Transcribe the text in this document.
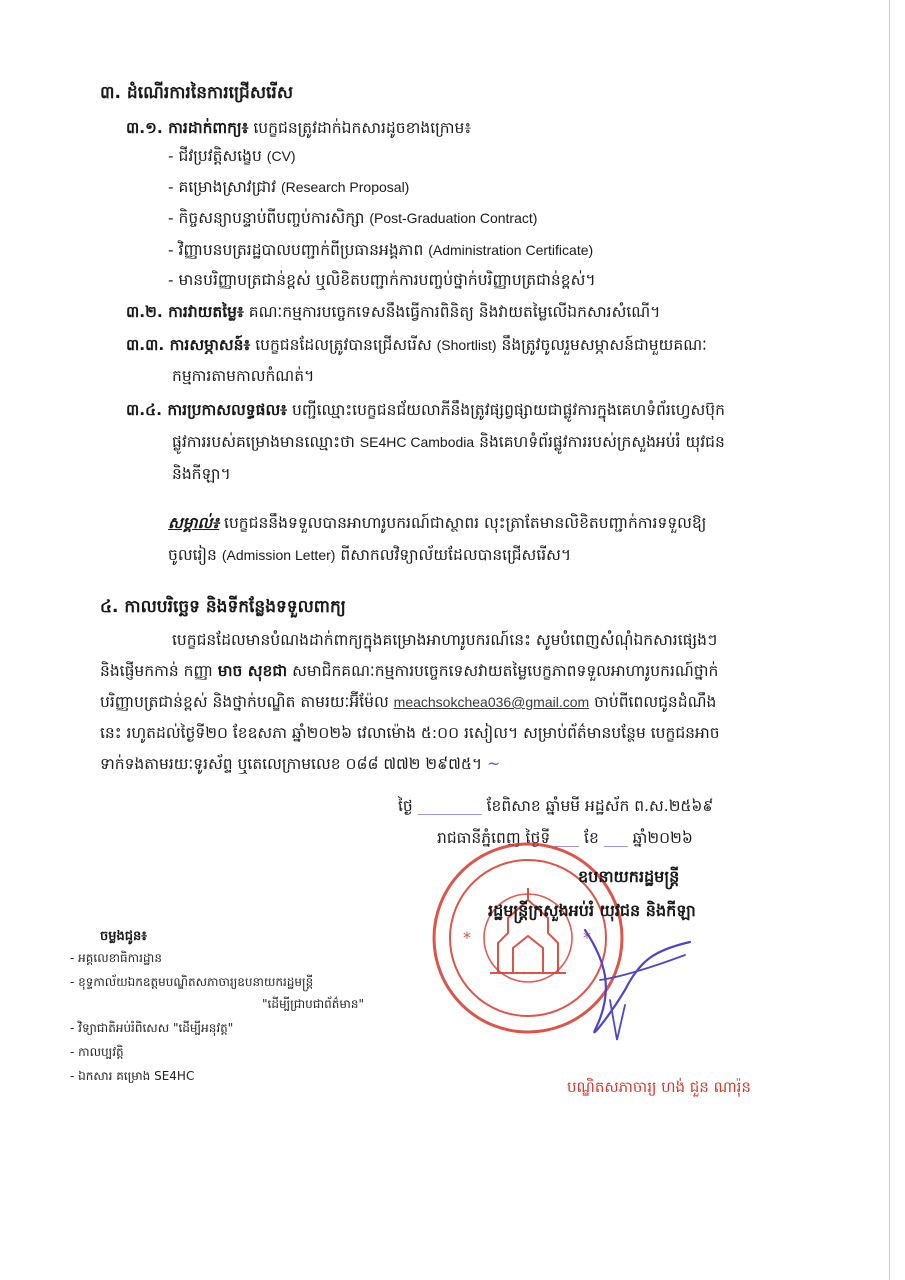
៣. ដំណើរការនៃការជ្រើសរើស
៣.១. ការដាក់ពាក្យ៖ បេក្ខជនត្រូវដាក់ឯកសារដូចខាងក្រោម៖
- ជីវប្រវត្តិសង្ខេប (CV)
- គម្រោងស្រាវជ្រាវ (Research Proposal)
- កិច្ចសន្យាបន្ទាប់ពីបញ្ចប់ការសិក្សា (Post-Graduation Contract)
- វិញ្ញាបនបត្ររដ្ឋបាលបញ្ជាក់ពីប្រធានអង្គភាព (Administration Certificate)
- មានបរិញ្ញាបត្រជាន់ខ្ពស់ ឬលិខិតបញ្ជាក់ការបញ្ចប់ថ្នាក់បរិញ្ញាបត្រជាន់ខ្ពស់។
៣.២. ការវាយតម្លៃ៖ គណៈកម្មការបច្ចេកទេសនឹងធ្វើការពិនិត្យ និងវាយតម្លៃលើឯកសារសំណើ។
៣.៣. ការសម្ភាសន៍៖ បេក្ខជនដែលត្រូវបានជ្រើសរើស (Shortlist) នឹងត្រូវចូលរួមសម្ភាសន៍ជាមួយគណៈ
កម្មការតាមកាលកំណត់។
៣.៤. ការប្រកាសលទ្ធផល៖ បញ្ជីឈ្មោះបេក្ខជនជ័យលាភីនឹងត្រូវផ្សព្វផ្សាយជាផ្លូវការក្នុងគេហទំព័រហ្វេសប៊ុក
ផ្លូវការរបស់គម្រោងមានឈ្មោះថា SE4HC Cambodia និងគេហទំព័រផ្លូវការរបស់ក្រសួងអប់រំ យុវជន
និងកីឡា។
សម្គាល់៖ បេក្ខជននឹងទទួលបានអាហារូបករណ៍ជាស្ថាពរ លុះត្រាតែមានលិខិតបញ្ជាក់ការទទួលឱ្យ
ចូលរៀន (Admission Letter) ពីសាកលវិទ្យាល័យដែលបានជ្រើសរើស។
៤. កាលបរិច្ឆេទ និងទីកន្លែងទទួលពាក្យ
បេក្ខជនដែលមានបំណងដាក់ពាក្យក្នុងគម្រោងអាហារូបករណ៍នេះ សូមបំពេញសំណុំឯកសារផ្សេងៗ
និងផ្ញើមកកាន់ កញ្ញា មាច សុខជា សមាជិកគណៈកម្មការបច្ចេកទេសវាយតម្លៃបេក្ខភាពទទួលអាហារូបករណ៍ថ្នាក់
បរិញ្ញាបត្រជាន់ខ្ពស់ និងថ្នាក់បណ្ឌិត តាមរយៈអ៊ីម៉ែល meachsokchea036@gmail.com ចាប់ពីពេលជូនដំណឹង
នេះ រហូតដល់ថ្ងៃទី២០ ខែឧសភា ឆ្នាំ២០២៦ វេលាម៉ោង ៥:០០ រសៀល។ សម្រាប់ព័ត៌មានបន្ថែម បេក្ខជនអាច
ទាក់ទងតាមរយៈទូរស័ព្ទ ឬតេលេក្រាមលេខ ០៨៨ ៧៧២ ២៩៧៥។ ~
ថ្ងៃ ________ ខែពិសាខ ឆ្នាំមមី អដ្ឋស័ក ព.ស.២៥៦៩
រាជធានីភ្នំពេញ ថ្ងៃទី ___ ខែ ___ ឆ្នាំ២០២៦
*	*
ឧបនាយករដ្ឋមន្ត្រី
រដ្ឋមន្ត្រីក្រសួងអប់រំ យុវជន និងកីឡា
បណ្ឌិតសភាចារ្យ ហង់ ជួន ណារ៉ុន
ចម្លងជូន៖
- អគ្គលេខាធិការដ្ឋាន
- ខុទ្ទកាល័យឯកឧត្តមបណ្ឌិតសភាចារ្យឧបនាយករដ្ឋមន្ត្រី
"ដើម្បីជ្រាបជាព័ត៌មាន"
- វិទ្យាជាតិអប់រំពិសេស "ដើម្បីអនុវត្ត"
- កាលប្បវត្តិ
- ឯកសារ គម្រោង SE4HC
